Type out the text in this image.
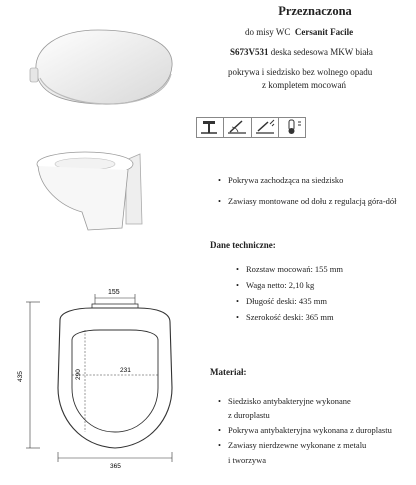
Przeznaczona
do misy WC Cersanit Facile
S673V531 deska sedesowa MKW biała
pokrywa i siedzisko bez wolnego opadu
z kompletem mocowań
• Pokrywa zachodząca na siedzisko
• Zawiasy montowane od dołu z regulacją góra-dół
Dane techniczne:
• Rozstaw mocowań: 155 mm
• Waga netto: 2,10 kg
• Długość deski: 435 mm
• Szerokość deski: 365 mm
Materiał:
• Siedzisko antybakteryjne wykonane
z duroplastu
• Pokrywa antybakteryjna wykonana z duroplastu
• Zawiasy nierdzewne wykonane z metalu
i tworzywa
155
290	231
435
365
